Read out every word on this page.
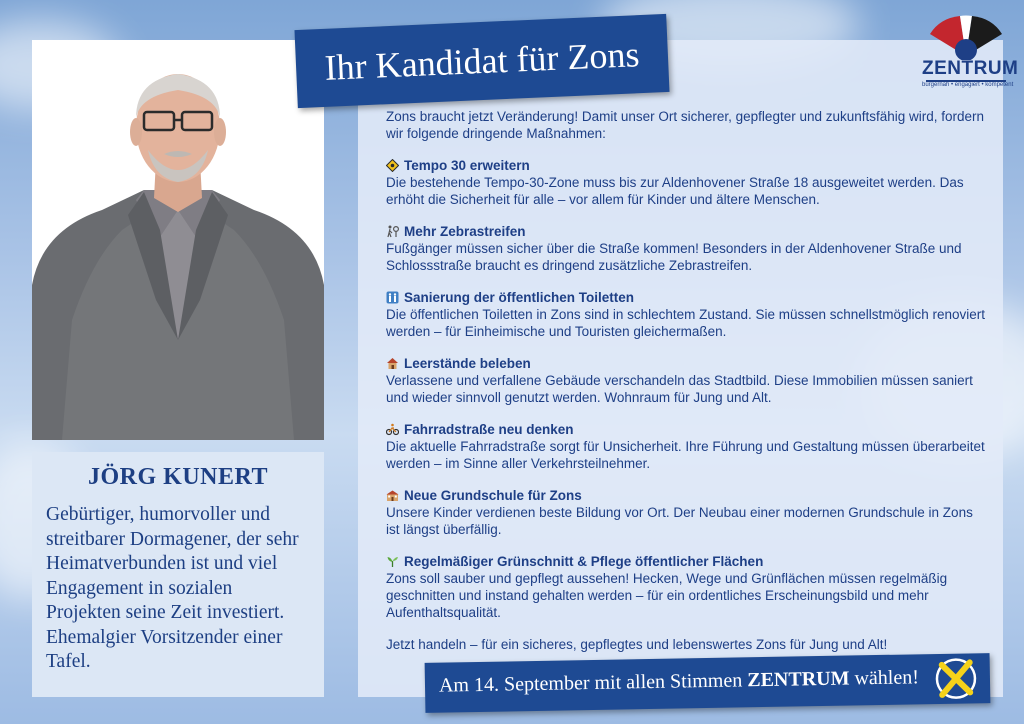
JÖRG KUNERT
Gebürtiger, humorvoller und streitbarer Dormagener, der sehr Heimatverbunden ist und viel Engagement in sozialen Projekten seine Zeit investiert. Ehemalgier Vorsitzender einer Tafel.
Ihr Kandidat für Zons	ZENTRUM
bürgernah • engagiert • kompetent
Zons braucht jetzt Veränderung! Damit unser Ort sicherer, gepflegter und zukunftsfähig wird, fordern wir folgende dringende Maßnahmen:
Tempo 30 erweitern
Die bestehende Tempo-30-Zone muss bis zur Aldenhovener Straße 18 ausgeweitet werden. Das erhöht die Sicherheit für alle – vor allem für Kinder und ältere Menschen.
Mehr Zebrastreifen
Fußgänger müssen sicher über die Straße kommen! Besonders in der Aldenhovener Straße und Schlossstraße braucht es dringend zusätzliche Zebrastreifen.
Sanierung der öffentlichen Toiletten
Die öffentlichen Toiletten in Zons sind in schlechtem Zustand. Sie müssen schnellstmöglich renoviert werden – für Einheimische und Touristen gleichermaßen.
Leerstände beleben
Verlassene und verfallene Gebäude verschandeln das Stadtbild. Diese Immobilien müssen saniert und wieder sinnvoll genutzt werden. Wohnraum für Jung und Alt.
Fahrradstraße neu denken
Die aktuelle Fahrradstraße sorgt für Unsicherheit. Ihre Führung und Gestaltung müssen überarbeitet werden – im Sinne aller Verkehrsteilnehmer.
Neue Grundschule für Zons
Unsere Kinder verdienen beste Bildung vor Ort. Der Neubau einer modernen Grundschule in Zons ist längst überfällig.
Regelmäßiger Grünschnitt & Pflege öffentlicher Flächen
Zons soll sauber und gepflegt aussehen! Hecken, Wege und Grünflächen müssen regelmäßig geschnitten und instand gehalten werden – für ein ordentliches Erscheinungsbild und mehr Aufenthaltsqualität.
Jetzt handeln – für ein sicheres, gepflegtes und lebenswertes Zons für Jung und Alt!
Am 14. September mit allen Stimmen ZENTRUM wählen!
